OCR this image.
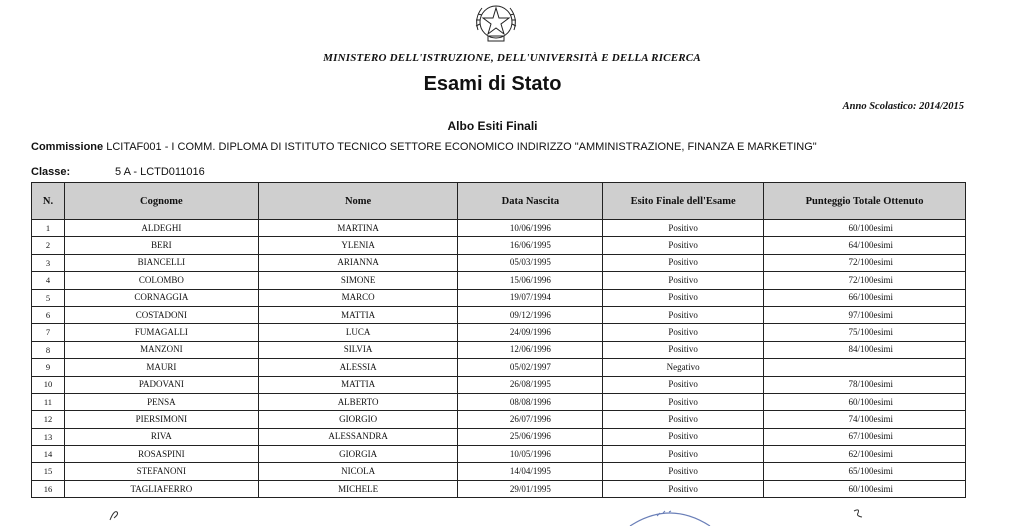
MINISTERO DELL'ISTRUZIONE, DELL'UNIVERSITÀ E DELLA RICERCA
Esami di Stato
Anno Scolastico: 2014/2015
Albo Esiti Finali
Commissione LCITAF001 - I COMM. DIPLOMA DI ISTITUTO TECNICO SETTORE ECONOMICO INDIRIZZO "AMMINISTRAZIONE, FINANZA E MARKETING"
Classe:	5 A - LCTD011016
N.	Cognome	Nome	Data Nascita	Esito Finale dell'Esame	Punteggio Totale Ottenuto
1	ALDEGHI	MARTINA	10/06/1996	Positivo	60/100esimi
2	BERI	YLENIA	16/06/1995	Positivo	64/100esimi
3	BIANCELLI	ARIANNA	05/03/1995	Positivo	72/100esimi
4	COLOMBO	SIMONE	15/06/1996	Positivo	72/100esimi
5	CORNAGGIA	MARCO	19/07/1994	Positivo	66/100esimi
6	COSTADONI	MATTIA	09/12/1996	Positivo	97/100esimi
7	FUMAGALLI	LUCA	24/09/1996	Positivo	75/100esimi
8	MANZONI	SILVIA	12/06/1996	Positivo	84/100esimi
9	MAURI	ALESSIA	05/02/1997	Negativo	
10	PADOVANI	MATTIA	26/08/1995	Positivo	78/100esimi
11	PENSA	ALBERTO	08/08/1996	Positivo	60/100esimi
12	PIERSIMONI	GIORGIO	26/07/1996	Positivo	74/100esimi
13	RIVA	ALESSANDRA	25/06/1996	Positivo	67/100esimi
14	ROSASPINI	GIORGIA	10/05/1996	Positivo	62/100esimi
15	STEFANONI	NICOLA	14/04/1995	Positivo	65/100esimi
16	TAGLIAFERRO	MICHELE	29/01/1995	Positivo	60/100esimi
